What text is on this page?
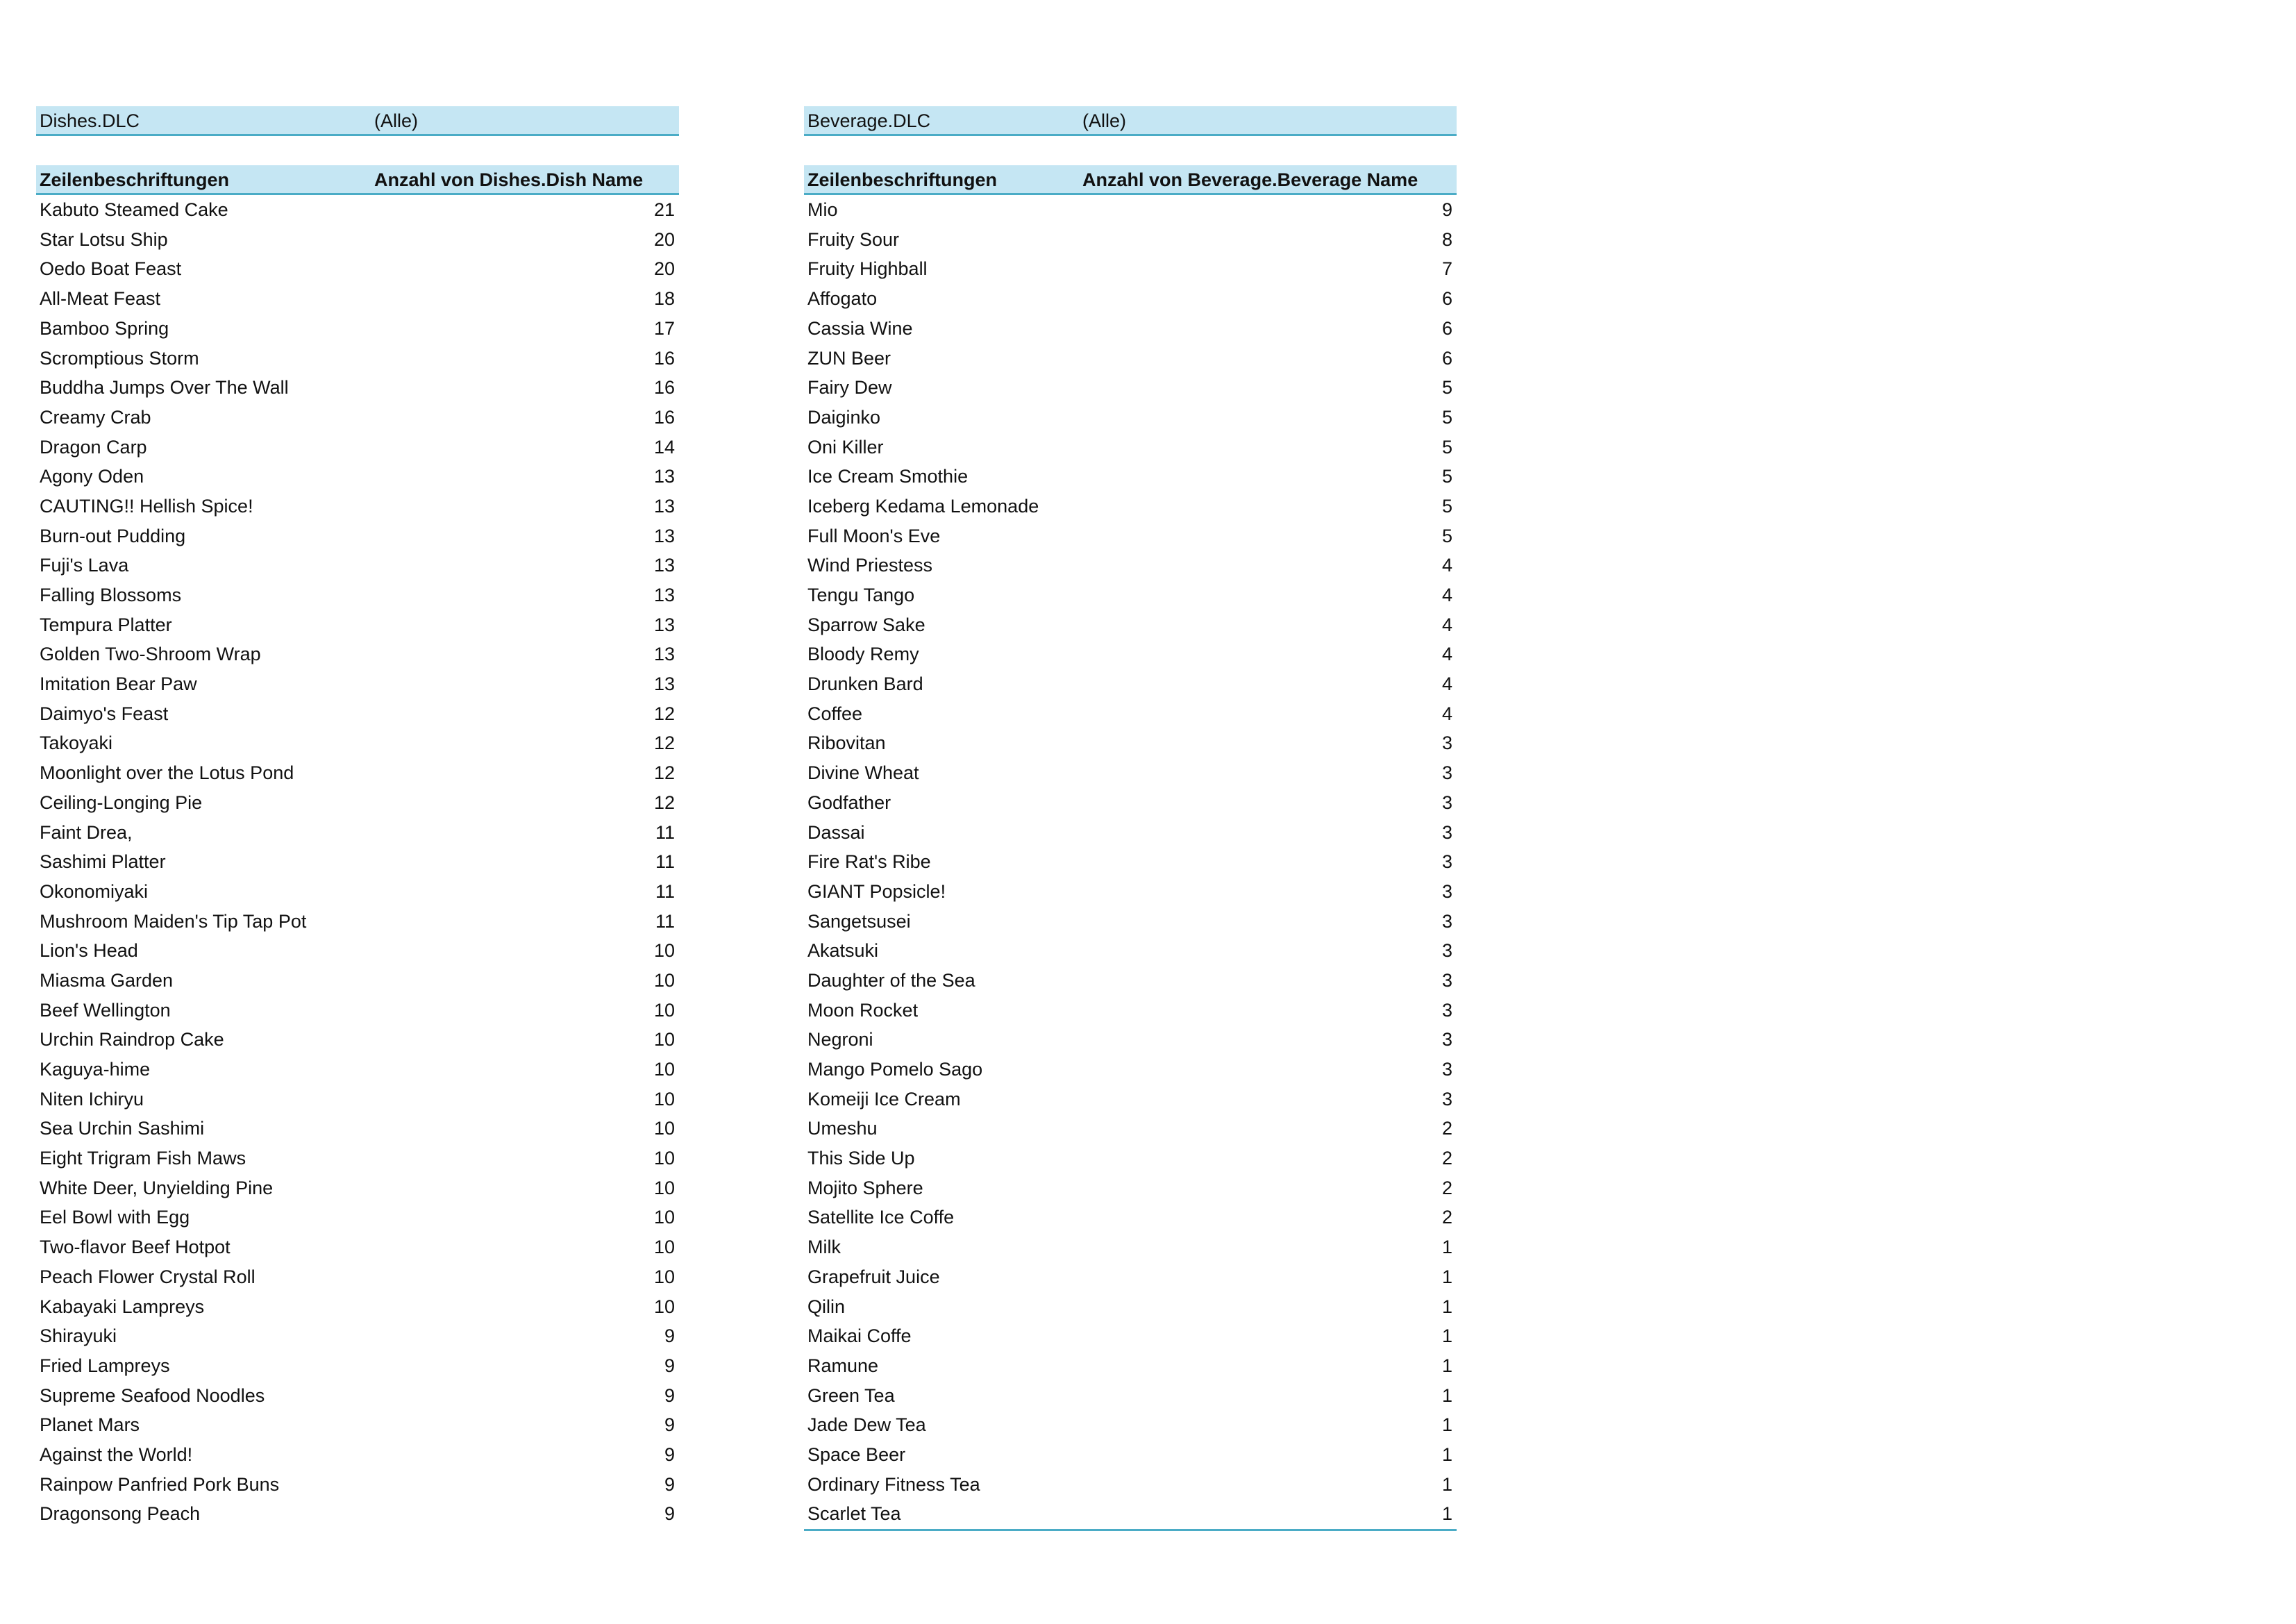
Dishes.DLC	(Alle)
Zeilenbeschriftungen	Anzahl von Dishes.Dish Name
Kabuto Steamed Cake	21
Star Lotsu Ship	20
Oedo Boat Feast	20
All-Meat Feast	18
Bamboo Spring	17
Scromptious Storm	16
Buddha Jumps Over The Wall	16
Creamy Crab	16
Dragon Carp	14
Agony Oden	13
CAUTING!! Hellish Spice!	13
Burn-out Pudding	13
Fuji's Lava	13
Falling Blossoms	13
Tempura Platter	13
Golden Two-Shroom Wrap	13
Imitation Bear Paw	13
Daimyo's Feast	12
Takoyaki	12
Moonlight over the Lotus Pond	12
Ceiling-Longing Pie	12
Faint Drea,	11
Sashimi Platter	11
Okonomiyaki	11
Mushroom Maiden's Tip Tap Pot	11
Lion's Head	10
Miasma Garden	10
Beef Wellington	10
Urchin Raindrop Cake	10
Kaguya-hime	10
Niten Ichiryu	10
Sea Urchin Sashimi	10
Eight Trigram Fish Maws	10
White Deer, Unyielding Pine	10
Eel Bowl with Egg	10
Two-flavor Beef Hotpot	10
Peach Flower Crystal Roll	10
Kabayaki Lampreys	10
Shirayuki	9
Fried Lampreys	9
Supreme Seafood Noodles	9
Planet Mars	9
Against the World!	9
Rainpow Panfried Pork Buns	9
Dragonsong Peach	9
Beverage.DLC	(Alle)
Zeilenbeschriftungen	Anzahl von Beverage.Beverage Name
Mio	9
Fruity Sour	8
Fruity Highball	7
Affogato	6
Cassia Wine	6
ZUN Beer	6
Fairy Dew	5
Daiginko	5
Oni Killer	5
Ice Cream Smothie	5
Iceberg Kedama Lemonade	5
Full Moon's Eve	5
Wind Priestess	4
Tengu Tango	4
Sparrow Sake	4
Bloody Remy	4
Drunken Bard	4
Coffee	4
Ribovitan	3
Divine Wheat	3
Godfather	3
Dassai	3
Fire Rat's Ribe	3
GIANT Popsicle!	3
Sangetsusei	3
Akatsuki	3
Daughter of the Sea	3
Moon Rocket	3
Negroni	3
Mango Pomelo Sago	3
Komeiji Ice Cream	3
Umeshu	2
This Side Up	2
Mojito Sphere	2
Satellite Ice Coffe	2
Milk	1
Grapefruit Juice	1
Qilin	1
Maikai Coffe	1
Ramune	1
Green Tea	1
Jade Dew Tea	1
Space Beer	1
Ordinary Fitness Tea	1
Scarlet Tea	1
